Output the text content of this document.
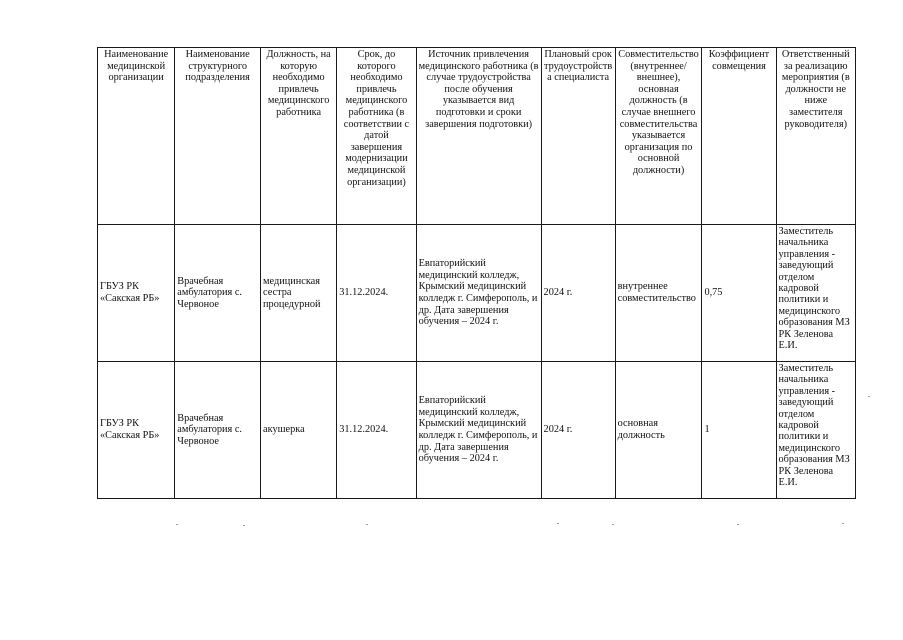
Наименование медицинской организации	Наименование структурного подразделения	Должность, на которую необходимо привлечь медицинского работника	Срок, до которого необходимо привлечь медицинского работника (в соответствии с датой завершения модернизации медицинской организации)	Источник привлечения медицинского работника (в случае трудоустройства после обучения указывается вид подготовки и сроки завершения подготовки)	Плановый срок трудоустройства специалиста	Совместительство (внутреннее/ внешнее), основная должность (в случае внешнего совместительства указывается организация по основной должности)	Коэффициент совмещения	Ответственный за реализацию мероприятия (в должности не ниже заместителя руководителя)
ГБУЗ РК «Сакская РБ»	Врачебная амбулатория с. Червоное	медицинская сестра процедурной	31.12.2024.	Евпаторийский медицинский колледж, Крымский медицинский колледж г. Симферополь, и др. Дата завершения обучения – 2024 г.	2024 г.	внутреннее совместительство	0,75	Заместитель начальника управления - заведующий отделом кадровой политики и медицинского образования МЗ РК Зеленова Е.И.
ГБУЗ РК «Сакская РБ»	Врачебная амбулатория с. Червоное	акушерка	31.12.2024.	Евпаторийский медицинский колледж, Крымский медицинский колледж г. Симферополь, и др. Дата завершения обучения – 2024 г.	2024 г.	основная должность	1	Заместитель начальника управления - заведующий отделом кадровой политики и медицинского образования МЗ РК Зеленова Е.И.
